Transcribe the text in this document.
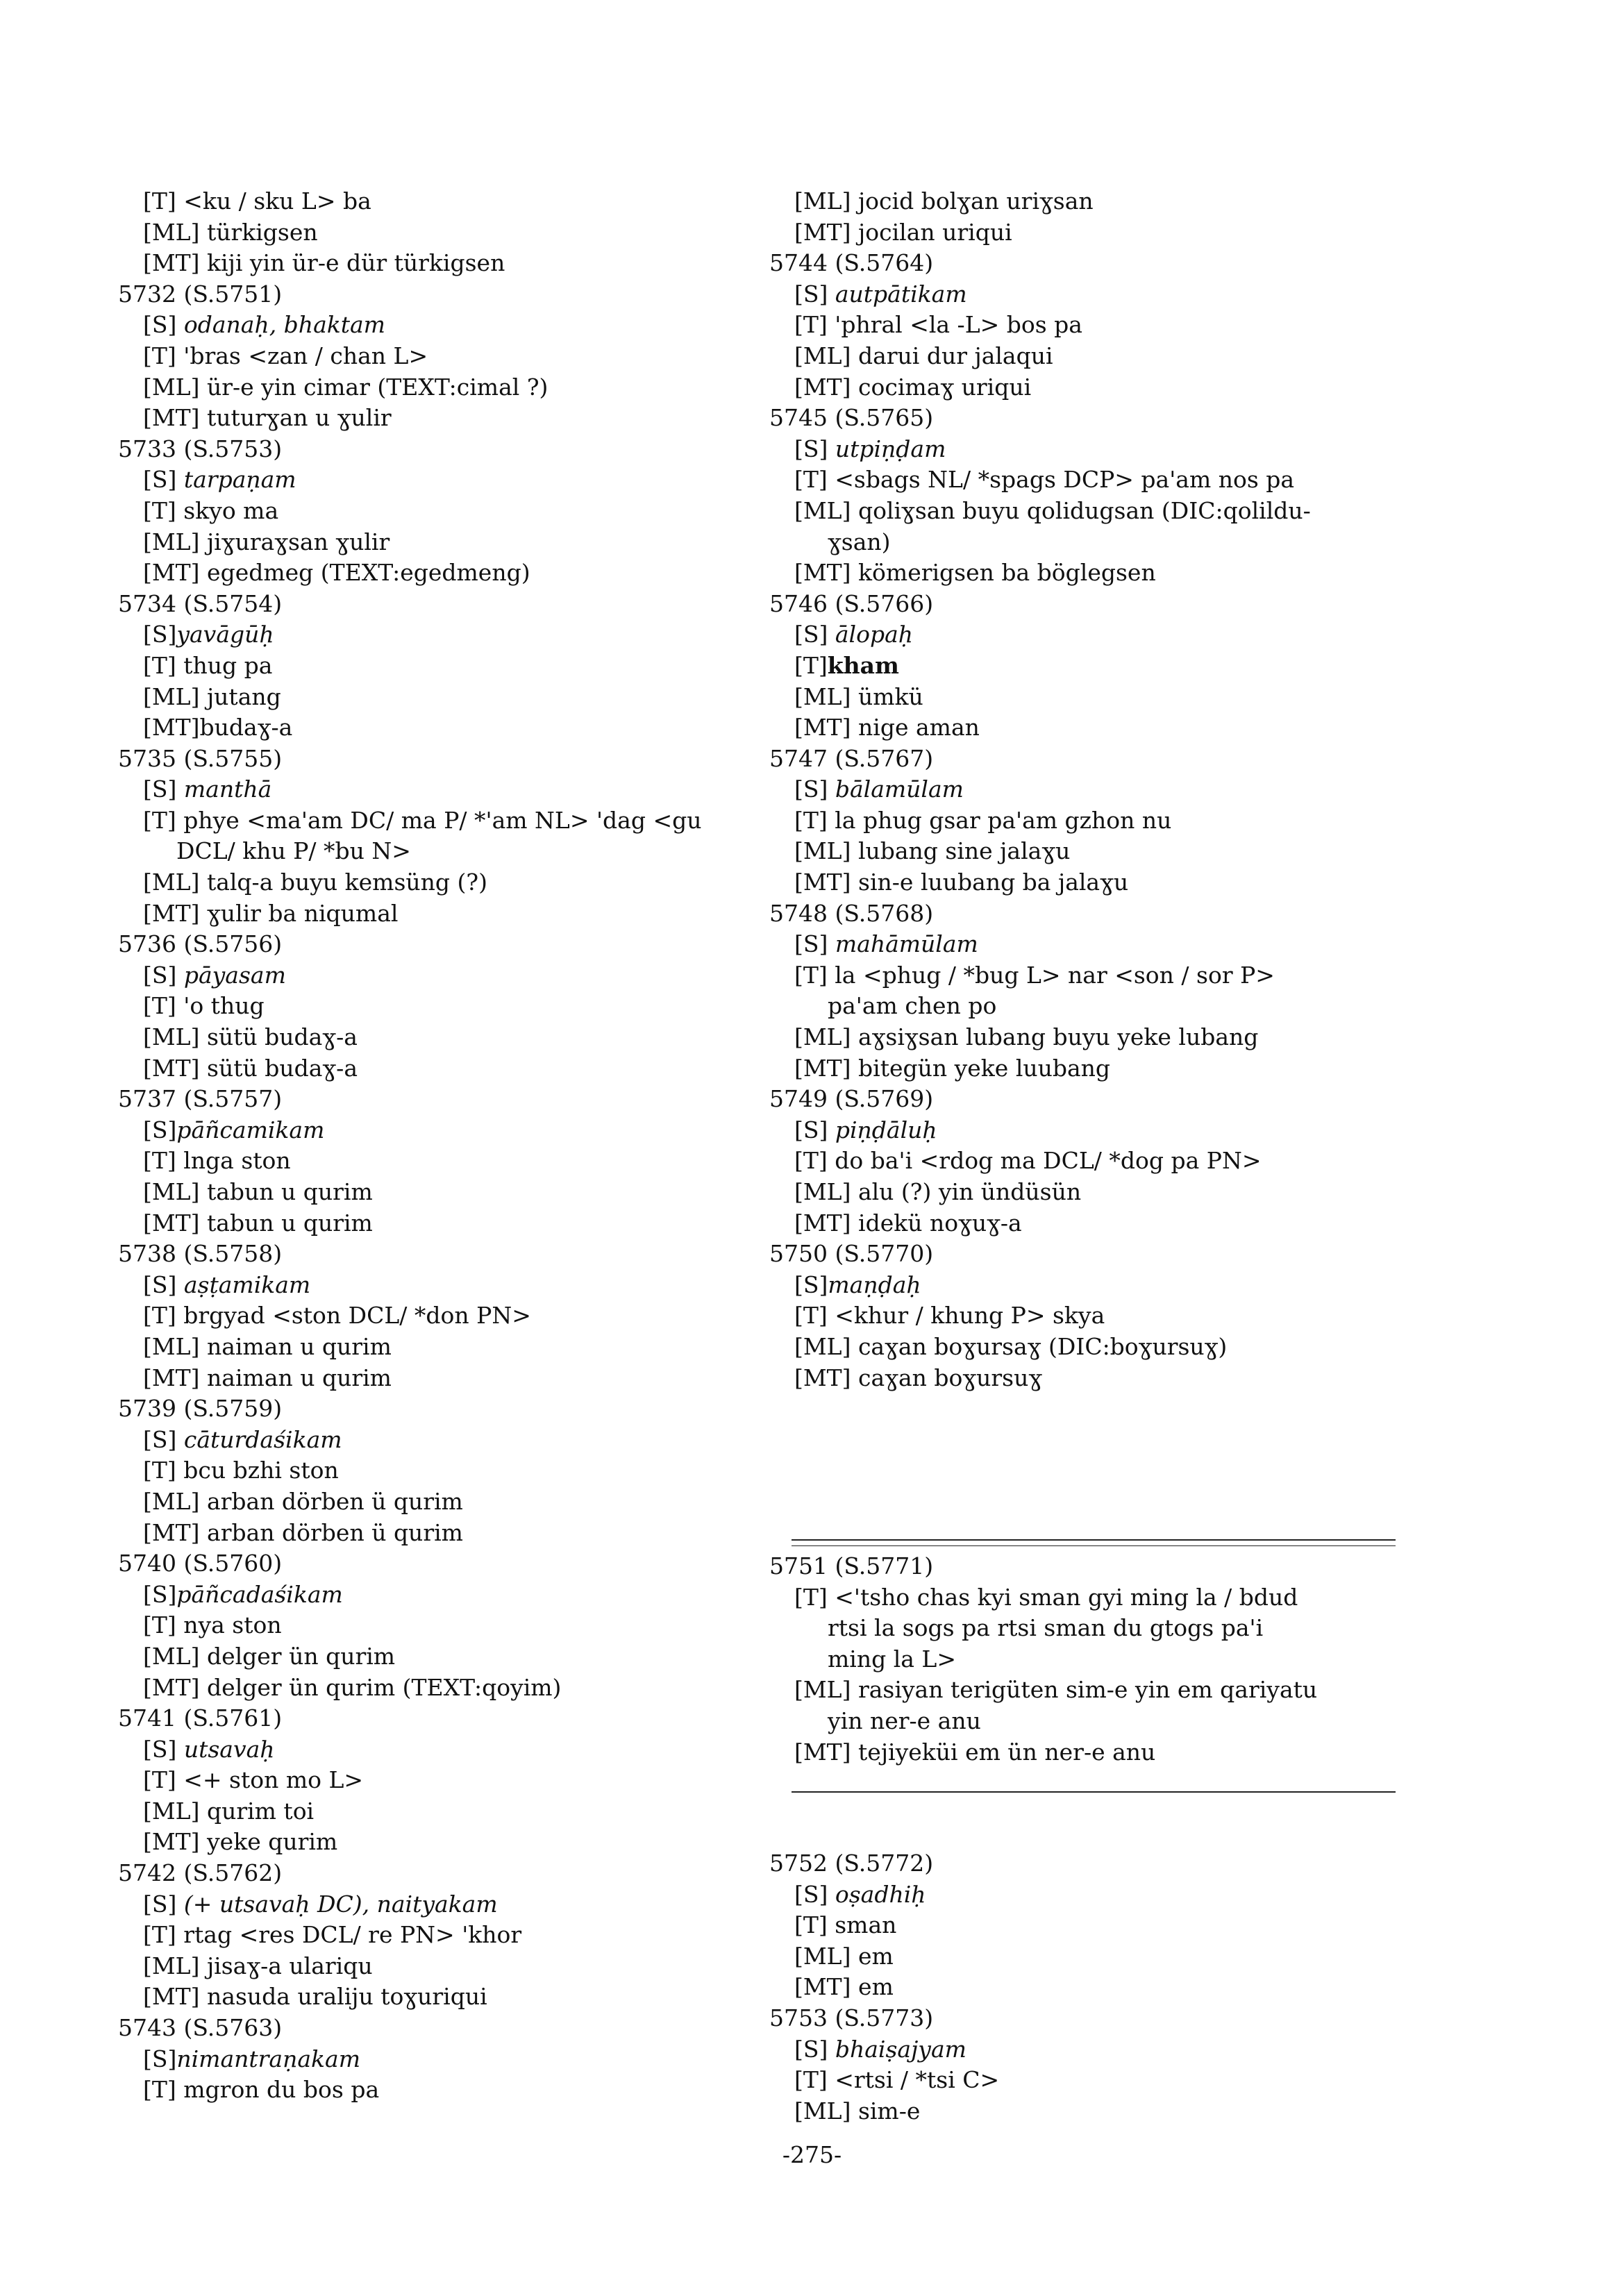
[T] <ku / sku L> ba
[ML] türkigsen
[MT] kiji yin ür-e dür türkigsen
5732 (S.5751)
[S] odanaḥ, bhaktam
[T] 'bras <zan / chan L>
[ML] ür-e yin cimar (TEXT:cimal ?)
[MT] tuturɣan u ɣulir
5733 (S.5753)
[S] tarpaṇam
[T] skyo ma
[ML] jiɣuraɣsan ɣulir
[MT] egedmeg (TEXT:egedmeng)
5734 (S.5754)
[S]yavāgūḥ
[T] thug pa
[ML] jutang
[MT]budaɣ-a
5735 (S.5755)
[S] manthā
[T] phye <ma'am DC/ ma P/ *'am NL> 'dag <gu
DCL/ khu P/ *bu N>
[ML] talq-a buyu kemsüng (?)
[MT] ɣulir ba niqumal
5736 (S.5756)
[S] pāyasam
[T] 'o thug
[ML] sütü budaɣ-a
[MT] sütü budaɣ-a
5737 (S.5757)
[S]pāñcamikam
[T] lnga ston
[ML] tabun u qurim
[MT] tabun u qurim
5738 (S.5758)
[S] aṣṭamikam
[T] brgyad <ston DCL/ *don PN>
[ML] naiman u qurim
[MT] naiman u qurim
5739 (S.5759)
[S] cāturdaśikam
[T] bcu bzhi ston
[ML] arban dörben ü qurim
[MT] arban dörben ü qurim
5740 (S.5760)
[S]pāñcadaśikam
[T] nya ston
[ML] delger ün qurim
[MT] delger ün qurim (TEXT:qoyim)
5741 (S.5761)
[S] utsavaḥ
[T] <+ ston mo L>
[ML] qurim toi
[MT] yeke qurim
5742 (S.5762)
[S] (+ utsavaḥ DC), naityakam
[T] rtag <res DCL/ re PN> 'khor
[ML] jisaɣ-a ulariqu
[MT] nasuda uraliju toɣuriqui
5743 (S.5763)
[S]nimantraṇakam
[T] mgron du bos pa
[ML] jocid bolɣan uriɣsan
[MT] jocilan uriqui
5744 (S.5764)
[S] autpātikam
[T] 'phral <la -L> bos pa
[ML] darui dur jalaqui
[MT] cocimaɣ uriqui
5745 (S.5765)
[S] utpiṇḍam
[T] <sbags NL/ *spags DCP> pa'am nos pa
[ML] qoliɣsan buyu qolidugsan (DIC:qolildu-
ɣsan)
[MT] kömerigsen ba böglegsen
5746 (S.5766)
[S] ālopaḥ
[T]kham
[ML] ümkü
[MT] nige aman
5747 (S.5767)
[S] bālamūlam
[T] la phug gsar pa'am gzhon nu
[ML] lubang sine jalaɣu
[MT] sin-e luubang ba jalaɣu
5748 (S.5768)
[S] mahāmūlam
[T] la <phug / *bug L> nar <son / sor P>
pa'am chen po
[ML] aɣsiɣsan lubang buyu yeke lubang
[MT] bitegün yeke luubang
5749 (S.5769)
[S] piṇḍāluḥ
[T] do ba'i <rdog ma DCL/ *dog pa PN>
[ML] alu (?) yin ündüsün
[MT] idekü noɣuɣ-a
5750 (S.5770)
[S]maṇḍaḥ
[T] <khur / khung P> skya
[ML] caɣan boɣursaɣ (DIC:boɣursuɣ)
[MT] caɣan boɣursuɣ
5751 (S.5771)
[T] <'tsho chas kyi sman gyi ming la / bdud
rtsi la sogs pa rtsi sman du gtogs pa'i
ming la L>
[ML] rasiyan terigüten sim-e yin em qariyatu
yin ner-e anu
[MT] tejiyeküi em ün ner-e anu
5752 (S.5772)
[S] oṣadhiḥ
[T] sman
[ML] em
[MT] em
5753 (S.5773)
[S] bhaiṣajyam
[T] <rtsi / *tsi C>
[ML] sim-e
-275-
